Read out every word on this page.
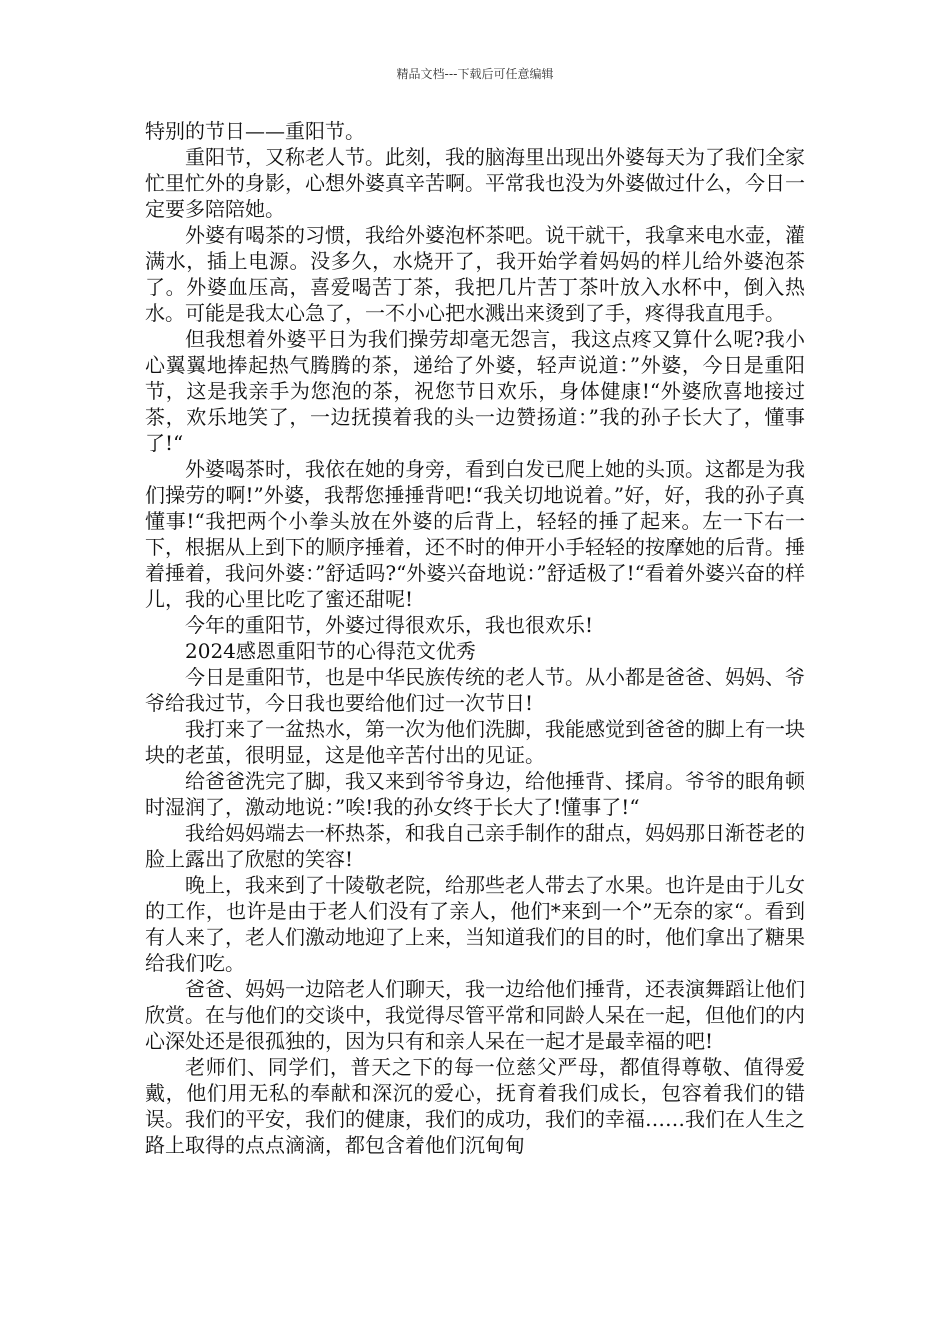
精品文档---下载后可任意编辑

特别的节日——重阳节。

重阳节，又称老人节。此刻，我的脑海里出现出外婆每天为了我们全家忙里忙外的身影，心想外婆真辛苦啊。平常我也没为外婆做过什么，今日一定要多陪陪她。

外婆有喝茶的习惯，我给外婆泡杯茶吧。说干就干，我拿来电水壶，灌满水，插上电源。没多久，水烧开了，我开始学着妈妈的样儿给外婆泡茶了。外婆血压高，喜爱喝苦丁茶，我把几片苦丁茶叶放入水杯中，倒入热水。可能是我太心急了，一不小心把水溅出来烫到了手，疼得我直甩手。

但我想着外婆平日为我们操劳却毫无怨言，我这点疼又算什么呢?我小心翼翼地捧起热气腾腾的茶，递给了外婆，轻声说道：”外婆，今日是重阳节，这是我亲手为您泡的茶，祝您节日欢乐，身体健康!“外婆欣喜地接过茶，欢乐地笑了，一边抚摸着我的头一边赞扬道：”我的孙子长大了，懂事了!“

外婆喝茶时，我依在她的身旁，看到白发已爬上她的头顶。这都是为我们操劳的啊!”外婆，我帮您捶捶背吧!“我关切地说着。”好，好，我的孙子真懂事!“我把两个小拳头放在外婆的后背上，轻轻的捶了起来。左一下右一下，根据从上到下的顺序捶着，还不时的伸开小手轻轻的按摩她的后背。捶着捶着，我问外婆：”舒适吗?“外婆兴奋地说：”舒适极了!“看着外婆兴奋的样儿，我的心里比吃了蜜还甜呢!

今年的重阳节，外婆过得很欢乐，我也很欢乐!

2024感恩重阳节的心得范文优秀

今日是重阳节，也是中华民族传统的老人节。从小都是爸爸、妈妈、爷爷给我过节，今日我也要给他们过一次节日!

我打来了一盆热水，第一次为他们洗脚，我能感觉到爸爸的脚上有一块块的老茧，很明显，这是他辛苦付出的见证。

给爸爸洗完了脚，我又来到爷爷身边，给他捶背、揉肩。爷爷的眼角顿时湿润了，激动地说：”唉!我的孙女终于长大了!懂事了!“

我给妈妈端去一杯热茶，和我自己亲手制作的甜点，妈妈那日渐苍老的脸上露出了欣慰的笑容!

晚上，我来到了十陵敬老院，给那些老人带去了水果。也许是由于儿女的工作，也许是由于老人们没有了亲人，他们*来到一个”无奈的家“。看到有人来了，老人们激动地迎了上来，当知道我们的目的时，他们拿出了糖果给我们吃。

爸爸、妈妈一边陪老人们聊天，我一边给他们捶背，还表演舞蹈让他们欣赏。在与他们的交谈中，我觉得尽管平常和同龄人呆在一起，但他们的内心深处还是很孤独的，因为只有和亲人呆在一起才是最幸福的吧!

老师们、同学们，普天之下的每一位慈父严母，都值得尊敬、值得爱戴，他们用无私的奉献和深沉的爱心，抚育着我们成长，包容着我们的错误。我们的平安，我们的健康，我们的成功，我们的幸福……我们在人生之路上取得的点点滴滴，都包含着他们沉甸甸
